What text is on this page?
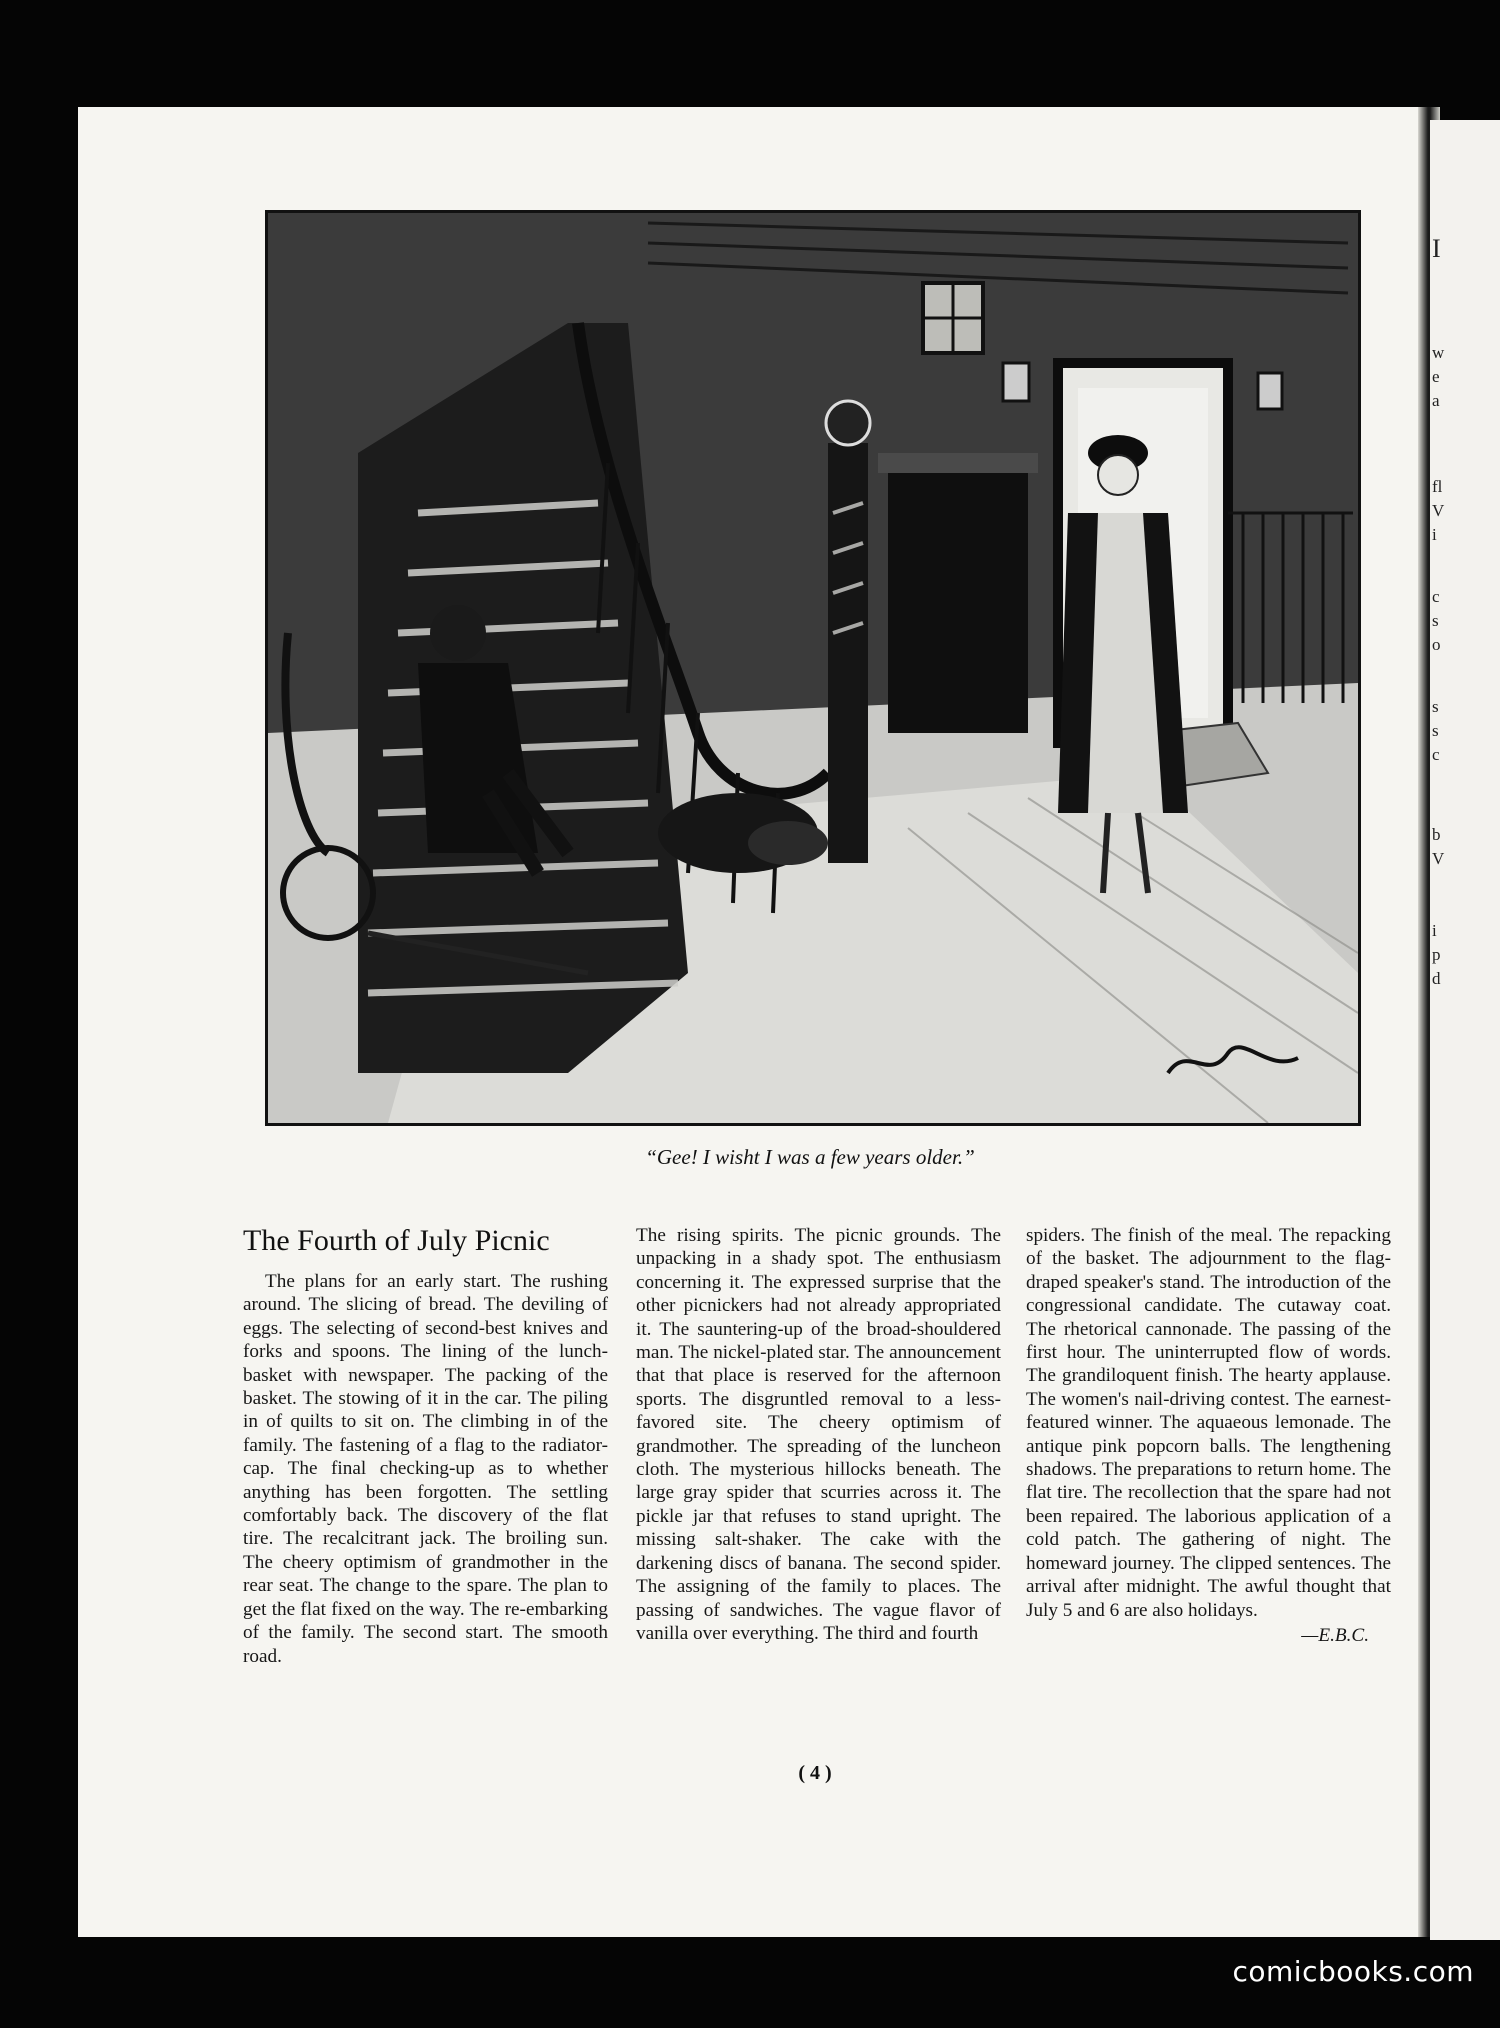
I
w
e
a
fl
V
i
c
s
o
s
s
c
b
V
i
p
d
“Gee! I wisht I was a few years older.”
The Fourth of July Picnic

The plans for an early start. The rushing around. The slicing of bread. The deviling of eggs. The selecting of second-best knives and forks and spoons. The lining of the lunch-basket with newspaper. The packing of the basket. The stowing of it in the car. The piling in of quilts to sit on. The climbing in of the family. The fastening of a flag to the radiator-cap. The final checking-up as to whether anything has been forgotten. The settling comfortably back. The discovery of the flat tire. The recalcitrant jack. The broiling sun. The cheery optimism of grandmother in the rear seat. The change to the spare. The plan to get the flat fixed on the way. The re-embarking of the family. The second start. The smooth road.

The rising spirits. The picnic grounds. The unpacking in a shady spot. The enthusiasm concerning it. The expressed surprise that the other picnickers had not already appropriated it. The sauntering-up of the broad-shouldered man. The nickel-plated star. The announcement that that place is reserved for the afternoon sports. The disgruntled removal to a less-favored site. The cheery optimism of grandmother. The spreading of the luncheon cloth. The mysterious hillocks beneath. The large gray spider that scurries across it. The pickle jar that refuses to stand upright. The missing salt-shaker. The cake with the darkening discs of banana. The second spider. The assigning of the family to places. The passing of sandwiches. The vague flavor of vanilla over everything. The third and fourth

spiders. The finish of the meal. The repacking of the basket. The adjournment to the flag-draped speaker's stand. The introduction of the congressional candidate. The cutaway coat. The rhetorical cannonade. The passing of the first hour. The uninterrupted flow of words. The grandiloquent finish. The hearty applause. The women's nail-driving contest. The earnest-featured winner. The aquaeous lemonade. The antique pink popcorn balls. The lengthening shadows. The preparations to return home. The flat tire. The recollection that the spare had not been repaired. The laborious application of a cold patch. The gathering of night. The homeward journey. The clipped sentences. The arrival after midnight. The awful thought that July 5 and 6 are also holidays.

—E.B.C.
( 4 )
comicbooks.com
